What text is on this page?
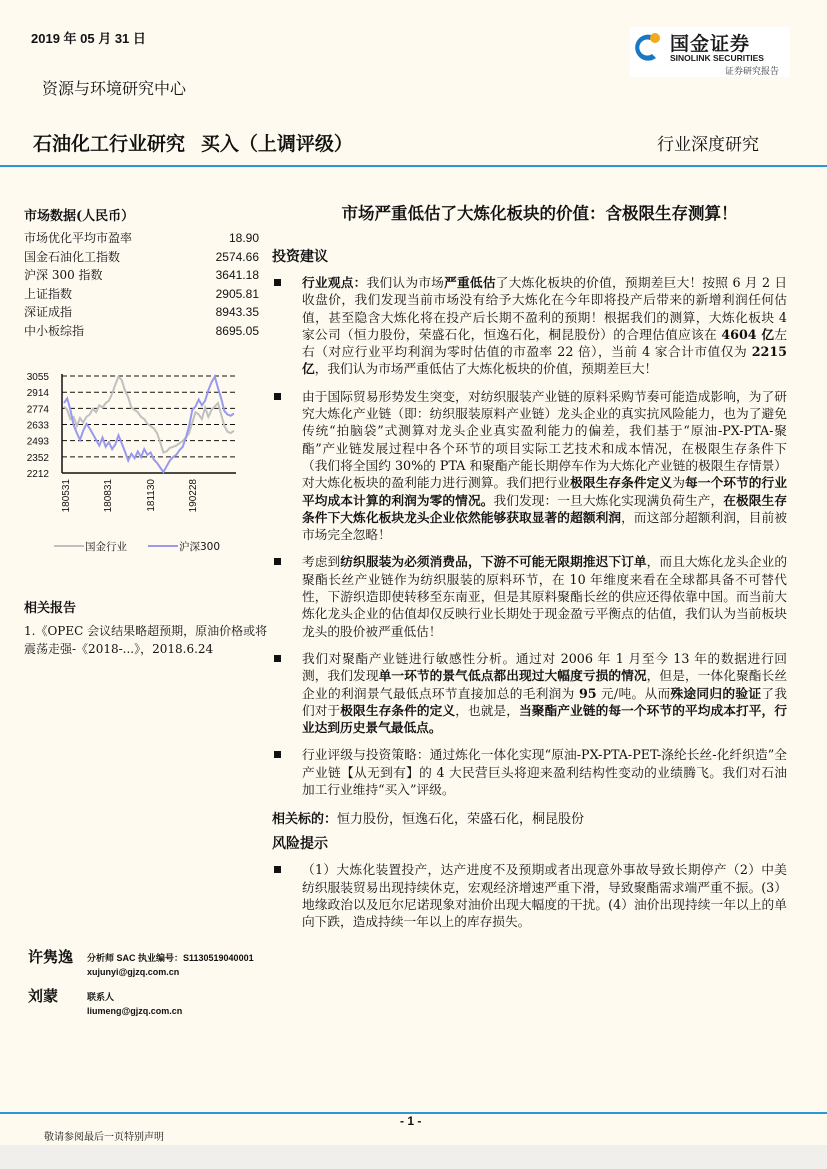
2019 年 05 月 31 日	国金证券
SINOLINK SECURITIES
证券研究报告
资源与环境研究中心
石油化工行业研究   买入（上调评级）	行业深度研究
市场数据(人民币）
市场优化平均市盈率	18.90
国金石油化工指数	2574.66
沪深 300 指数	3641.18
上证指数	2905.81
深证成指	8943.35
中小板综指	8695.05
3055
2914
2774
2633
2493
2352
2212
180531	180831	181130	190228
国金行业	沪深300
相关报告

1.《OPEC 会议结果略超预期，原油价格或将震荡走强-《2018-...》，2018.6.24

许隽逸 分析师 SAC 执业编号：S1130519040001
xujunyi@gjzq.com.cn
刘蒙	联系人
liumeng@gjzq.com.cn
市场严重低估了大炼化板块的价值：含极限生存测算！
投资建议
行业观点：我们认为市场严重低估了大炼化板块的价值，预期差巨大！按照 6 月 2 日收盘价，我们发现当前市场没有给予大炼化在今年即将投产后带来的新增利润任何估值，甚至隐含大炼化将在投产后长期不盈利的预期！根据我们的测算，大炼化板块 4 家公司（恒力股份，荣盛石化，恒逸石化，桐昆股份）的合理估值应该在 4604 亿左右（对应行业平均利润为零时估值的市盈率 22 倍），当前 4 家合计市值仅为 2215 亿，我们认为市场严重低估了大炼化板块的价值，预期差巨大！
由于国际贸易形势发生突变，对纺织服装产业链的原料采购节奏可能造成影响，为了研究大炼化产业链（即：纺织服装原料产业链）龙头企业的真实抗风险能力，也为了避免传统“拍脑袋”式测算对龙头企业真实盈利能力的偏差，我们基于“原油-PX-PTA-聚酯”产业链发展过程中各个环节的项目实际工艺技术和成本情况，在极限生存条件下（我们将全国约 30%的 PTA 和聚酯产能长期停车作为大炼化产业链的极限生存情景）对大炼化板块的盈利能力进行测算。我们把行业极限生存条件定义为每一个环节的行业平均成本计算的利润为零的情况。我们发现：一旦大炼化实现满负荷生产，在极限生存条件下大炼化板块龙头企业依然能够获取显著的超额利润，而这部分超额利润，目前被市场完全忽略！
考虑到纺织服装为必须消费品，下游不可能无限期推迟下订单，而且大炼化龙头企业的聚酯长丝产业链作为纺织服装的原料环节，在 10 年维度来看在全球都具备不可替代性，下游织造即使转移至东南亚，但是其原料聚酯长丝的供应还得依靠中国。而当前大炼化龙头企业的估值却仅反映行业长期处于现金盈亏平衡点的估值，我们认为当前板块龙头的股价被严重低估！
我们对聚酯产业链进行敏感性分析。通过对 2006 年 1 月至今 13 年的数据进行回测，我们发现单一环节的景气低点都出现过大幅度亏损的情况，但是，一体化聚酯长丝企业的利润景气最低点环节直接加总的毛利润为 95 元/吨。从而殊途同归的验证了我们对于极限生存条件的定义，也就是，当聚酯产业链的每一个环节的平均成本打平，行业达到历史景气最低点。
行业评级与投资策略：通过炼化一体化实现“原油-PX-PTA-PET-涤纶长丝-化纤织造”全产业链【从无到有】的 4 大民营巨头将迎来盈利结构性变动的业绩腾飞。我们对石油加工行业维持“买入”评级。
相关标的：恒力股份，恒逸石化，荣盛石化，桐昆股份
风险提示
（1）大炼化装置投产，达产进度不及预期或者出现意外事故导致长期停产（2）中美纺织服装贸易出现持续休克，宏观经济增速严重下滑，导致聚酯需求端严重不振。(3）地缘政治以及厄尔尼诺现象对油价出现大幅度的干扰。(4）油价出现持续一年以上的单向下跌，造成持续一年以上的库存损失。
- 1 -
敬请参阅最后一页特别声明
